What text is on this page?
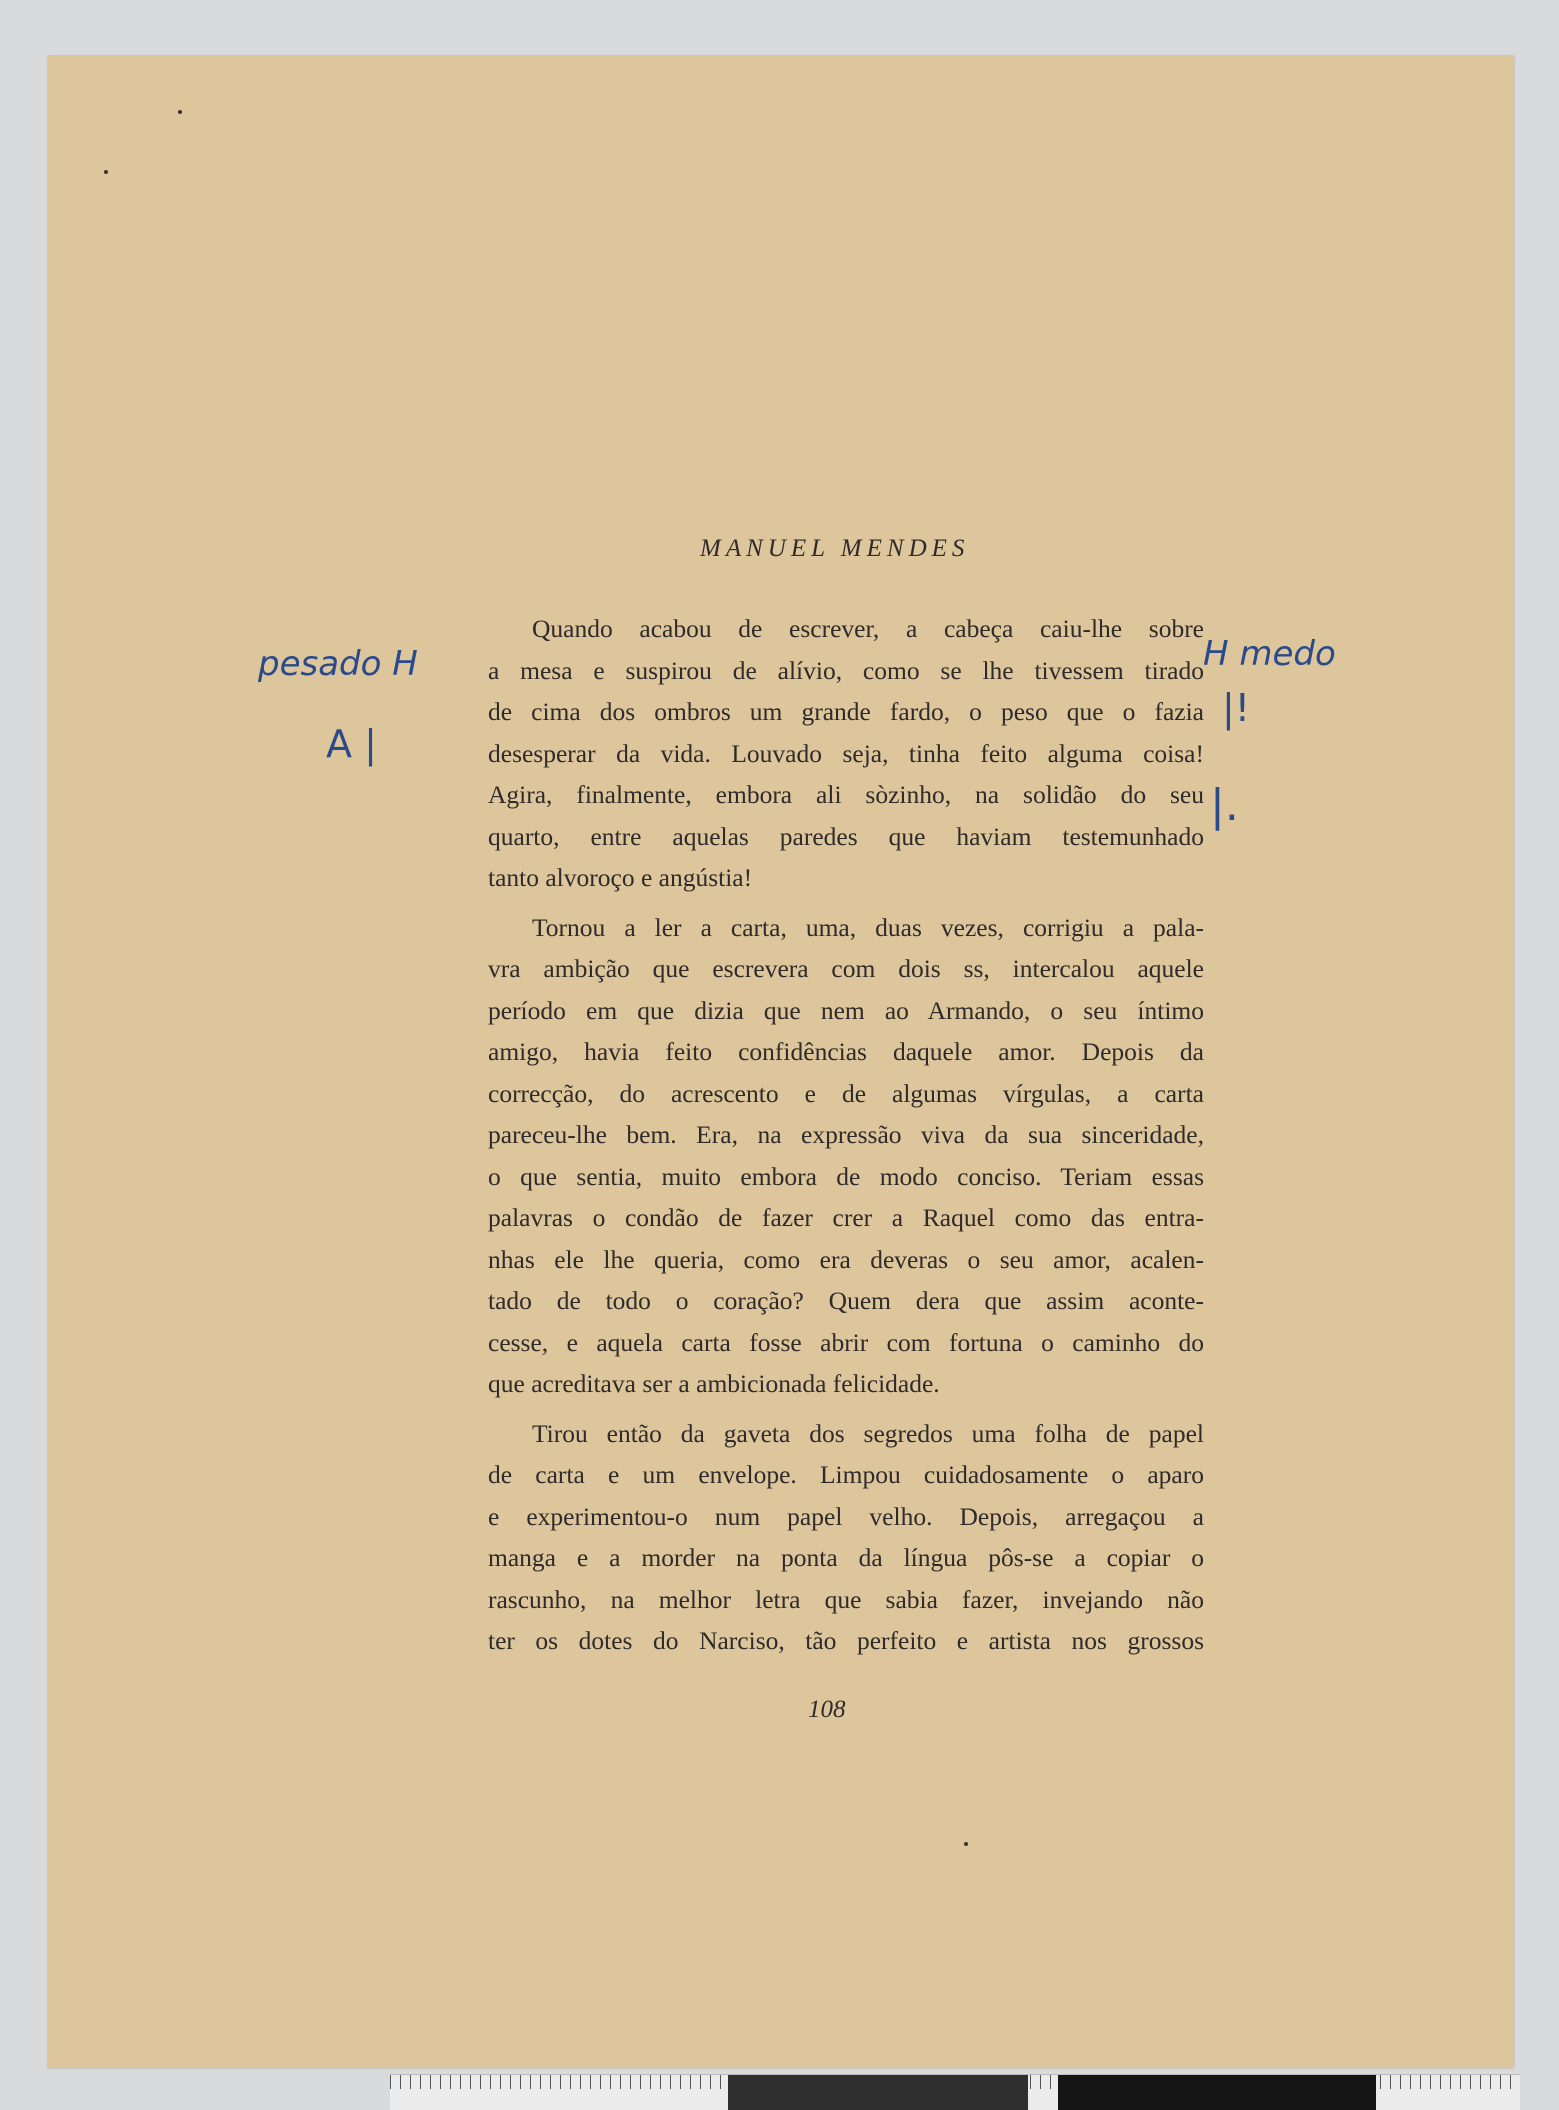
MANUEL MENDES
pesado H
A |
H medo
|!
|.
Quando acabou de escrever, a cabeça caiu-lhe sobre
a mesa e suspirou de alívio, como se lhe tivessem tirado
de cima dos ombros um grande fardo, o peso que o fazia
desesperar da vida. Louvado seja, tinha feito alguma coisa!
Agira, finalmente, embora ali sòzinho, na solidão do seu
quarto, entre aquelas paredes que haviam testemunhado
tanto alvoroço e angústia!
Tornou a ler a carta, uma, duas vezes, corrigiu a pala-
vra ambição que escrevera com dois ss, intercalou aquele
período em que dizia que nem ao Armando, o seu íntimo
amigo, havia feito confidências daquele amor. Depois da
correcção, do acrescento e de algumas vírgulas, a carta
pareceu-lhe bem. Era, na expressão viva da sua sinceridade,
o que sentia, muito embora de modo conciso. Teriam essas
palavras o condão de fazer crer a Raquel como das entra-
nhas ele lhe queria, como era deveras o seu amor, acalen-
tado de todo o coração? Quem dera que assim aconte-
cesse, e aquela carta fosse abrir com fortuna o caminho do
que acreditava ser a ambicionada felicidade.
Tirou então da gaveta dos segredos uma folha de papel
de carta e um envelope. Limpou cuidadosamente o aparo
e experimentou-o num papel velho. Depois, arregaçou a
manga e a morder na ponta da língua pôs-se a copiar o
rascunho, na melhor letra que sabia fazer, invejando não
ter os dotes do Narciso, tão perfeito e artista nos grossos
108
